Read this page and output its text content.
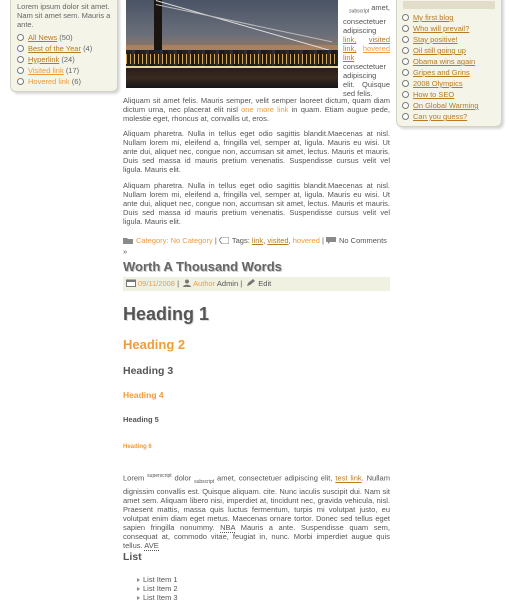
Lorem ipsum dolor sit amet. Nam sit amet sem. Mauris a ante.
All News (50)
Best of the Year (4)
Hyperlink (24)
Visited link (17)
Hovered link (6)
My first blog
Who will prevail?
Stay positive!
Oil still going up
Obama wins again
Gripes and Grins
2008 Olympics
How to SEO
On Global Warming
Can you guess?
$_{subscript}$ amet,
consectetuer adipiscing link, visited link, hovered link consectetuer adipiscing elit. Quisque sed felis.
Aliquam sit amet felis. Mauris semper, velit semper laoreet dictum, quam diam dictum urna, nec placerat elit nisl one more link in quam. Etiam augue pede, molestie eget, rhoncus at, convallis ut, eros.
Aliquam pharetra. Nulla in tellus eget odio sagittis blandit.Maecenas at nisl. Nullam lorem mi, eleifend a, fringilla vel, semper at, ligula. Mauris eu wisi. Ut ante dui, aliquet nec, congue non, accumsan sit amet, lectus. Mauris et mauris. Duis sed massa id mauris pretium venenatis. Suspendisse cursus velit vel ligula. Mauris elit.
Aliquam pharetra. Nulla in tellus eget odio sagittis blandit.Maecenas at nisl. Nullam lorem mi, eleifend a, fringilla vel, semper at, ligula. Mauris eu wisi. Ut ante dui, aliquet nec, congue non, accumsan sit amet, lectus. Mauris et mauris. Duis sed massa id mauris pretium venenatis. Suspendisse cursus velit vel ligula. Mauris elit.
Category: No Category | Tags: link, visited, hovered | No Comments »
Worth A Thousand Words
09/11/2008 | Author Admin | Edit
Heading 1
Heading 2
Heading 3
Heading 4
Heading 5
Heading 6
Lorem $^{superscript}$ dolor $_{subscript}$ amet, consectetuer adipiscing elit, test link. Nullam dignissim convallis est. Quisque aliquam. cite. Nunc iaculis suscipit dui. Nam sit amet sem. Aliquam libero nisi, imperdiet at, tincidunt nec, gravida vehicula, nisl. Praesent mattis, massa quis luctus fermentum, turpis mi volutpat justo, eu volutpat enim diam eget metus. Maecenas ornare tortor. Donec sed tellus eget sapien fringilla nonummy. NBA Mauris a ante. Suspendisse quam sem, consequat at, commodo vitae, feugiat in, nunc. Morbi imperdiet augue quis tellus. AVE
List
List Item 1
List Item 2
List Item 3
